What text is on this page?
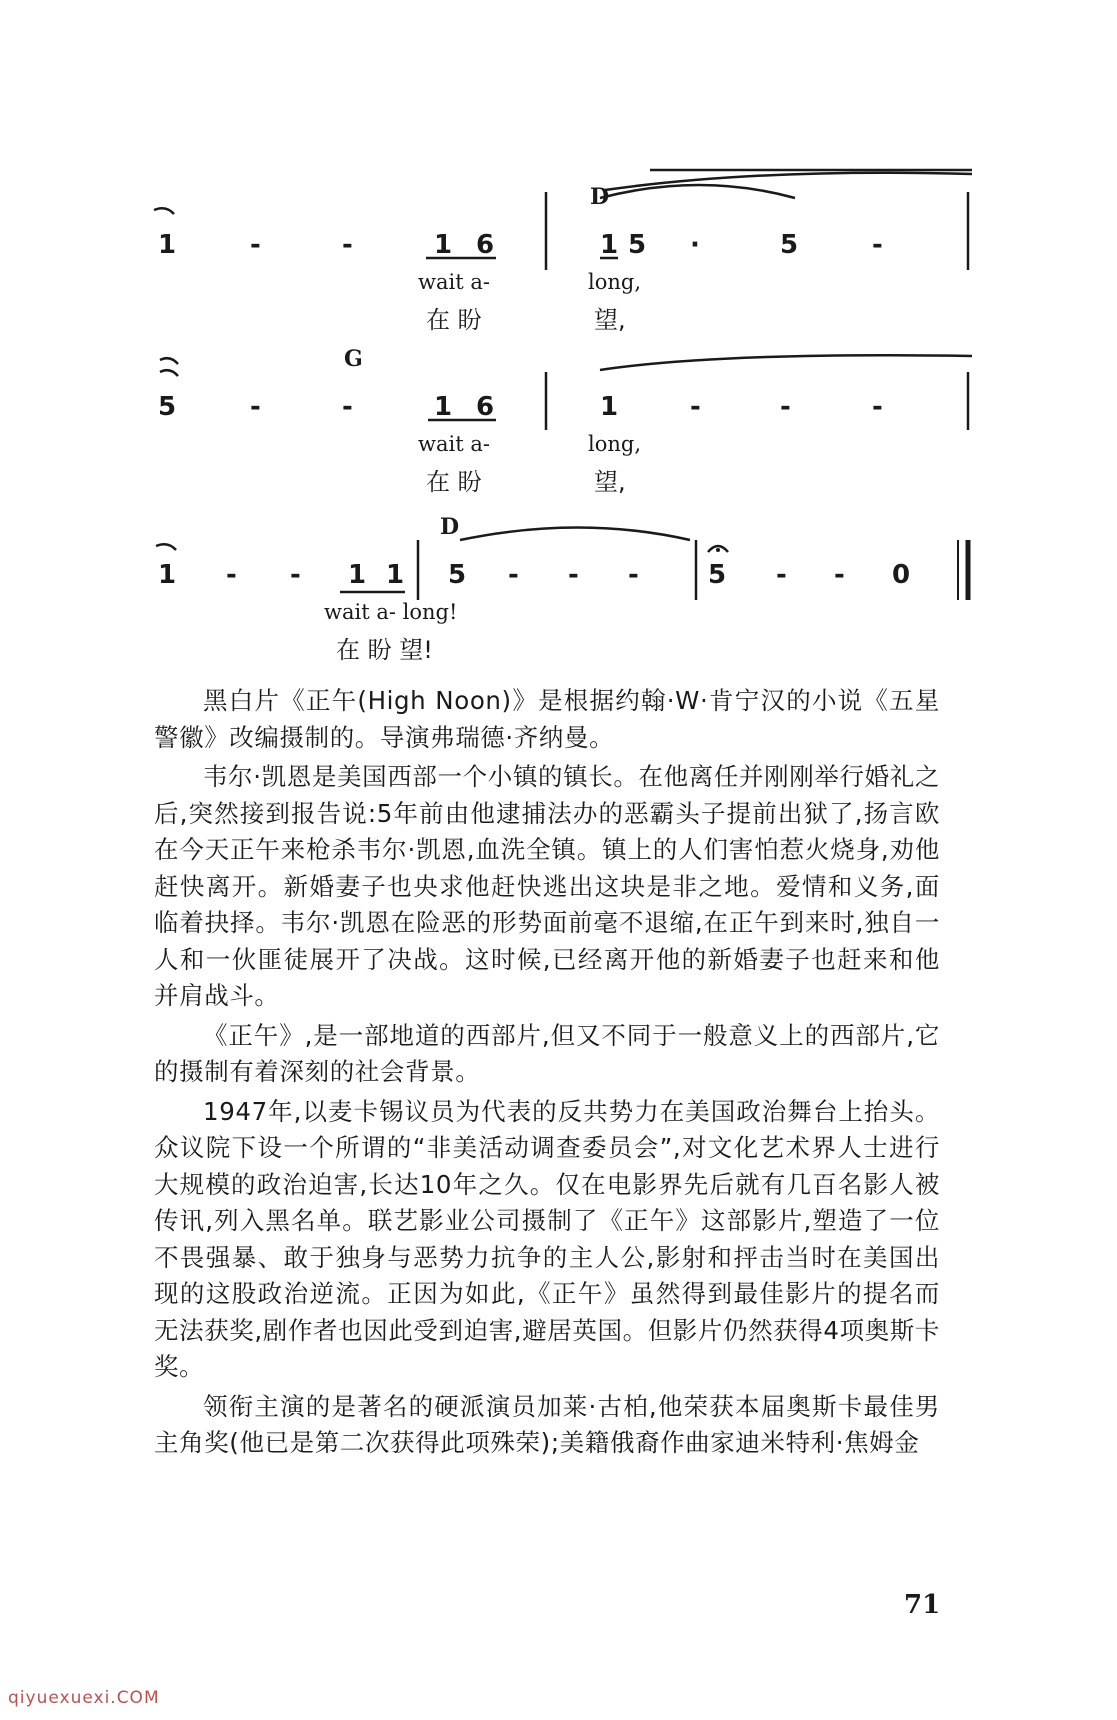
D
1	-	-	1 6	1 5 ·	5	-
wait a-	long,
在 盼	望,
G
5	-	-	1 6	1	-	-	-
wait a-	long,
在 盼	望,
D
1 - - 1 1 5 - - -	5 - - 0
wait a- long!
在 盼 望!

黑白片《正午(High Noon)》是根据约翰·W·肯宁汉的小说《五星警徽》改编摄制的。导演弗瑞德·齐纳曼。

韦尔·凯恩是美国西部一个小镇的镇长。在他离任并刚刚举行婚礼之后,突然接到报告说:5年前由他逮捕法办的恶霸头子提前出狱了,扬言欧在今天正午来枪杀韦尔·凯恩,血洗全镇。镇上的人们害怕惹火烧身,劝他赶快离开。新婚妻子也央求他赶快逃出这块是非之地。爱情和义务,面临着抉择。韦尔·凯恩在险恶的形势面前毫不退缩,在正午到来时,独自一人和一伙匪徒展开了决战。这时候,已经离开他的新婚妻子也赶来和他并肩战斗。

《正午》,是一部地道的西部片,但又不同于一般意义上的西部片,它的摄制有着深刻的社会背景。

1947年,以麦卡锡议员为代表的反共势力在美国政治舞台上抬头。众议院下设一个所谓的“非美活动调查委员会”,对文化艺术界人士进行大规模的政治迫害,长达10年之久。仅在电影界先后就有几百名影人被传讯,列入黑名单。联艺影业公司摄制了《正午》这部影片,塑造了一位不畏强暴、敢于独身与恶势力抗争的主人公,影射和抨击当时在美国出现的这股政治逆流。正因为如此,《正午》虽然得到最佳影片的提名而无法获奖,剧作者也因此受到迫害,避居英国。但影片仍然获得4项奥斯卡奖。

领衔主演的是著名的硬派演员加莱·古柏,他荣获本届奥斯卡最佳男主角奖(他已是第二次获得此项殊荣);美籍俄裔作曲家迪米特利·焦姆金

71
qiyuexuexi.COM
